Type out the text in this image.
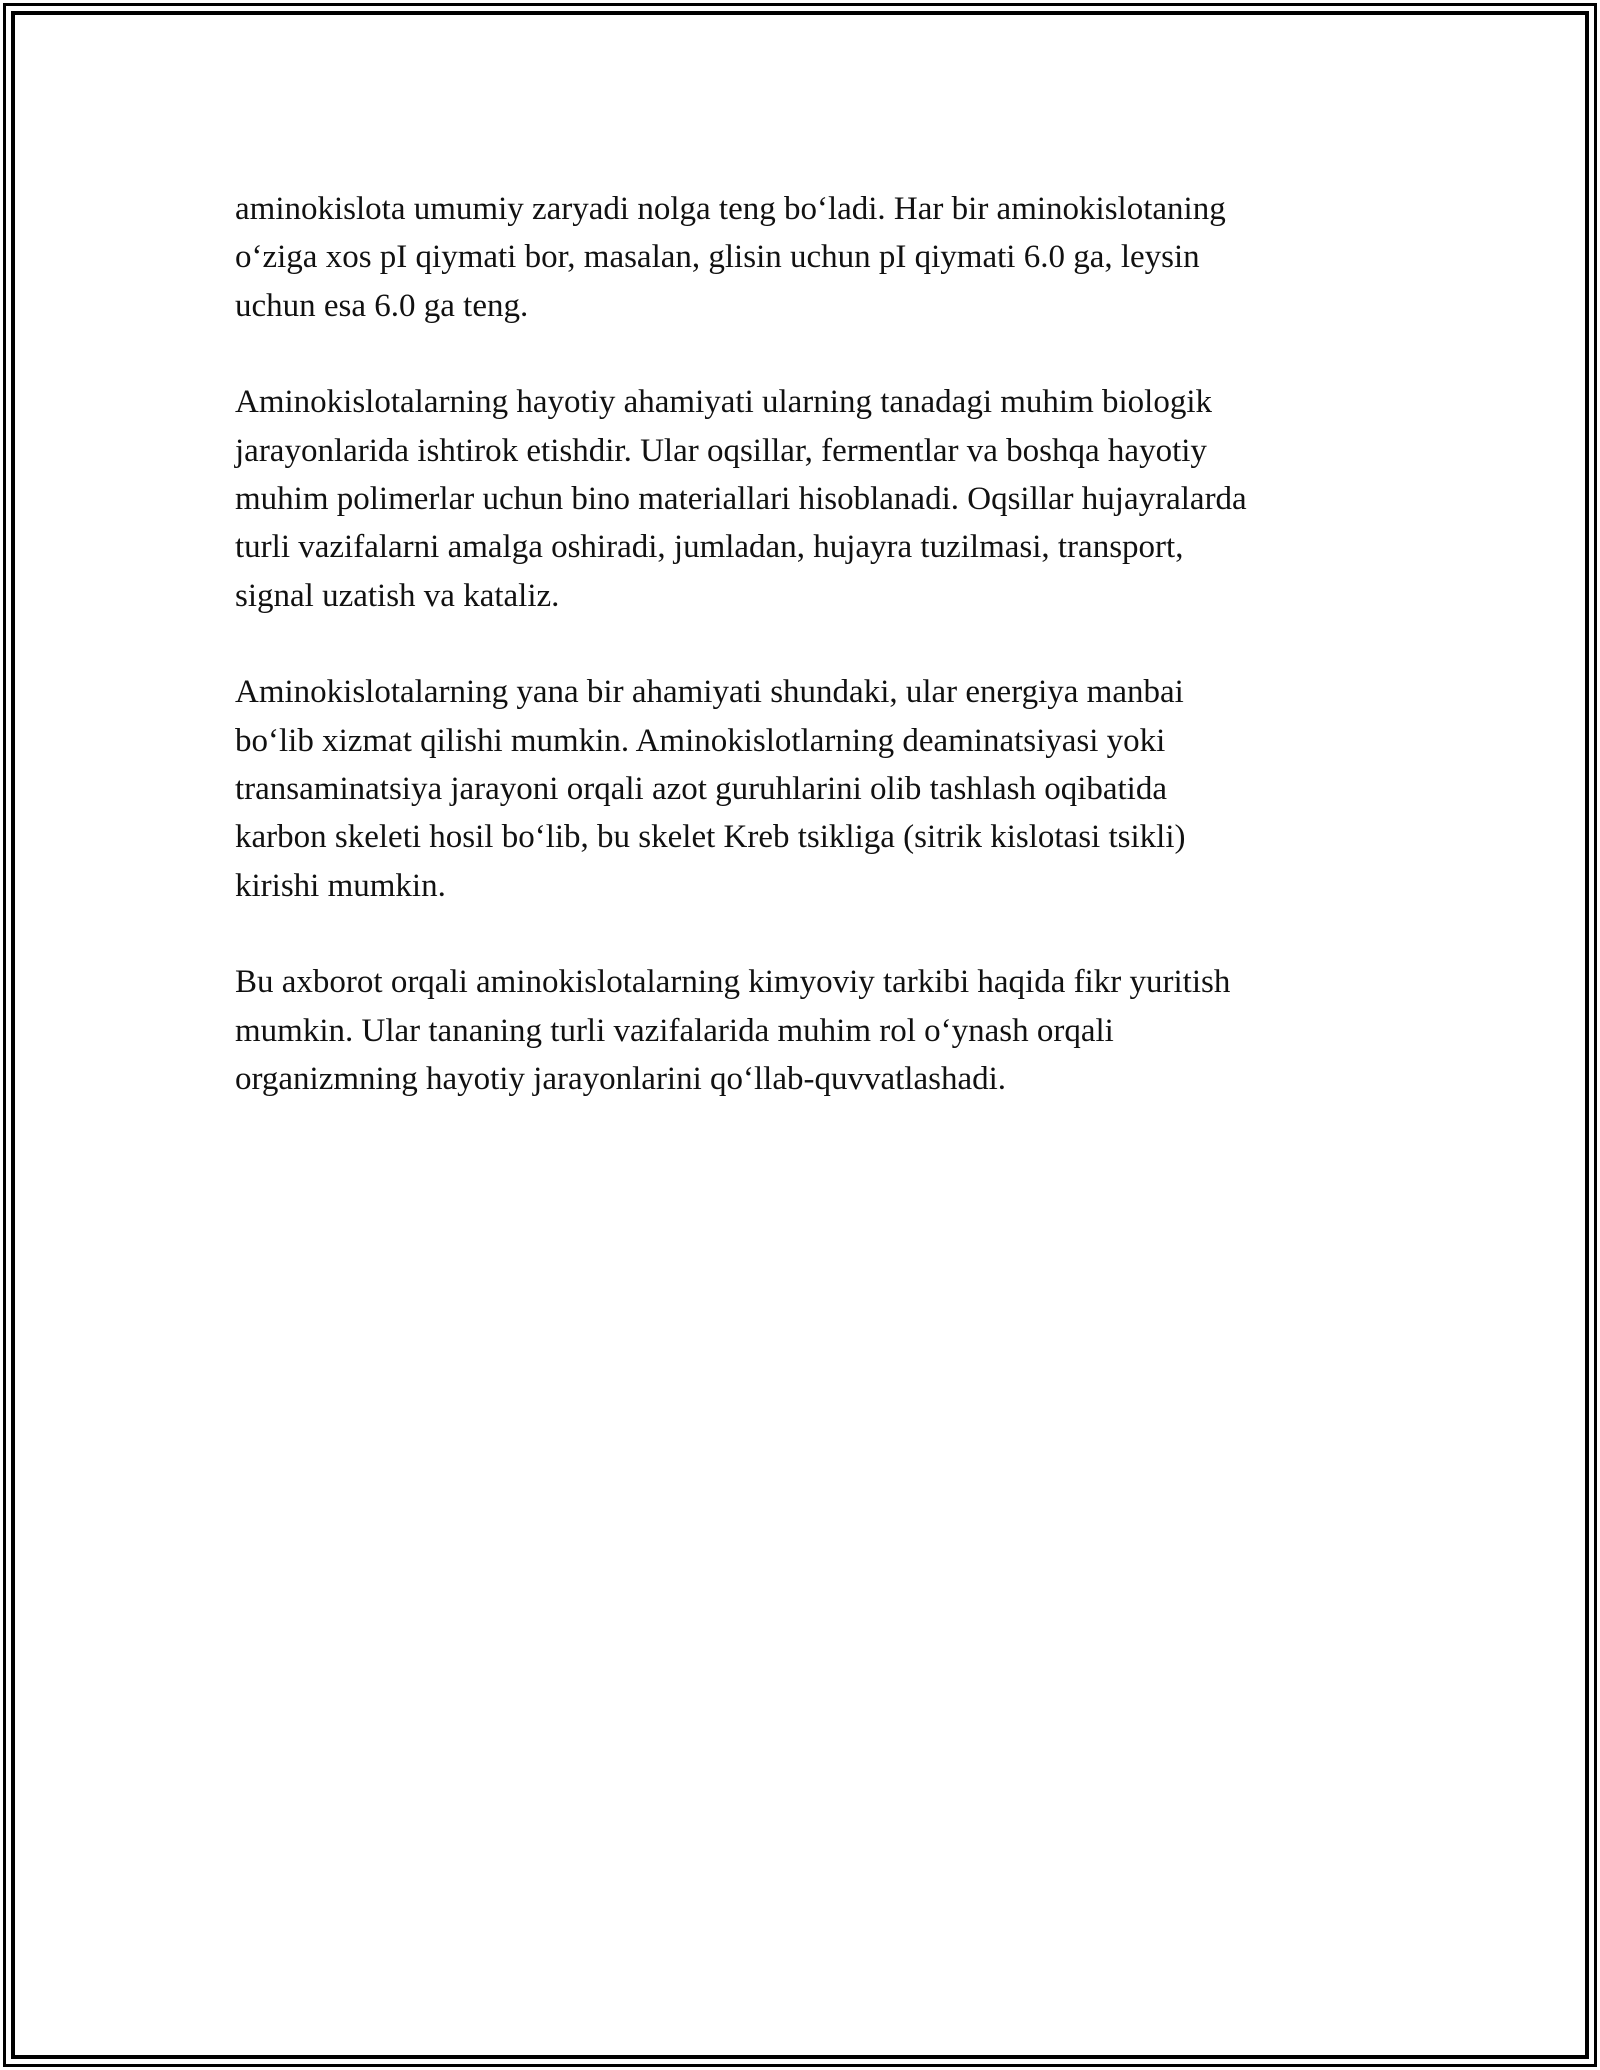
aminokislota umumiy zaryadi nolga teng bo‘ladi. Har bir aminokislotaning
o‘ziga xos pI qiymati bor, masalan, glisin uchun pI qiymati 6.0 ga, leysin
uchun esa 6.0 ga teng.

Aminokislotalarning hayotiy ahamiyati ularning tanadagi muhim biologik
jarayonlarida ishtirok etishdir. Ular oqsillar, fermentlar va boshqa hayotiy
muhim polimerlar uchun bino materiallari hisoblanadi. Oqsillar hujayralarda
turli vazifalarni amalga oshiradi, jumladan, hujayra tuzilmasi, transport,
signal uzatish va kataliz.

Aminokislotalarning yana bir ahamiyati shundaki, ular energiya manbai
bo‘lib xizmat qilishi mumkin. Aminokislotlarning deaminatsiyasi yoki
transaminatsiya jarayoni orqali azot guruhlarini olib tashlash oqibatida
karbon skeleti hosil bo‘lib, bu skelet Kreb tsikliga (sitrik kislotasi tsikli)
kirishi mumkin.

Bu axborot orqali aminokislotalarning kimyoviy tarkibi haqida fikr yuritish
mumkin. Ular tananing turli vazifalarida muhim rol o‘ynash orqali
organizmning hayotiy jarayonlarini qo‘llab-quvvatlashadi.
